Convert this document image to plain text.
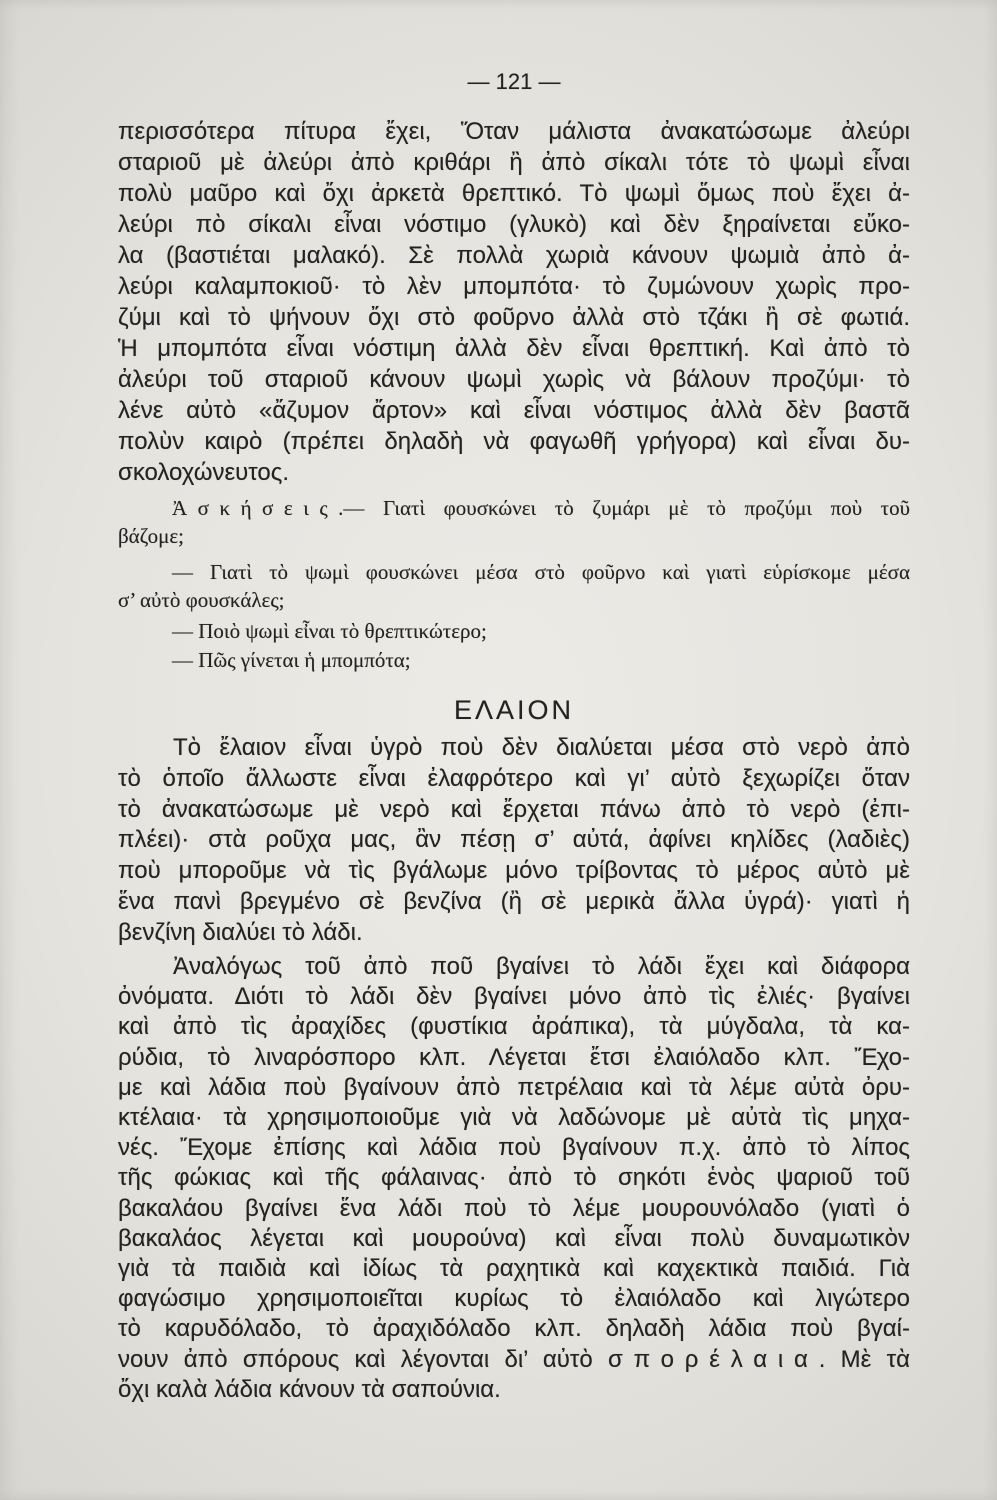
— 121 —
περισσότερα πίτυρα ἔχει, Ὅταν μάλιστα ἀνακατώσωμε ἀλεύρι
σταριοῦ μὲ ἀλεύρι ἀπὸ κριθάρι ἢ ἀπὸ σίκαλι τότε τὸ ψωμὶ εἶναι
πολὺ μαῦρο καὶ ὄχι ἀρκετὰ θρεπτικό. Τὸ ψωμὶ ὅμως ποὺ ἔχει ἀ-
λεύρι πὸ σίκαλι εἶναι νόστιμο (γλυκὸ) καὶ δὲν ξηραίνεται εὔκο-
λα (βαστιέται μαλακό). Σὲ πολλὰ χωριὰ κάνουν ψωμιὰ ἀπὸ ἀ-
λεύρι καλαμποκιοῦ· τὸ λὲν μπομπότα· τὸ ζυμώνουν χωρὶς προ-
ζύμι καὶ τὸ ψήνουν ὄχι στὸ φοῦρνο ἀλλὰ στὸ τζάκι ἢ σὲ φωτιά.
Ἡ μπομπότα εἶναι νόστιμη ἀλλὰ δὲν εἶναι θρεπτική. Καὶ ἀπὸ τὸ
ἀλεύρι τοῦ σταριοῦ κάνουν ψωμὶ χωρὶς νὰ βάλουν προζύμι· τὸ
λένε αὐτὸ «ἄζυμον ἄρτον» καὶ εἶναι νόστιμος ἀλλὰ δὲν βαστᾶ
πολὺν καιρὸ (πρέπει δηλαδὴ νὰ φαγωθῆ γρήγορα) καὶ εἶναι δυ-
σκολοχώνευτος.
Ἀσκήσεις.— Γιατὶ φουσκώνει τὸ ζυμάρι μὲ τὸ προζύμι ποὺ τοῦ
βάζομε;
— Γιατὶ τὸ ψωμὶ φουσκώνει μέσα στὸ φοῦρνο καὶ γιατὶ εὑρίσκομε μέσα
σ’ αὐτὸ φουσκάλες;
— Ποιὸ ψωμὶ εἶναι τὸ θρεπτικώτερο;
— Πῶς γίνεται ἡ μπομπότα;
ΕΛΑΙΟΝ
Τὸ ἔλαιον εἶναι ὑγρὸ ποὺ δὲν διαλύεται μέσα στὸ νερὸ ἀπὸ
τὸ ὁποῖο ἄλλωστε εἶναι ἐλαφρότερο καὶ γι’ αὐτὸ ξεχωρίζει ὅταν
τὸ ἀνακατώσωμε μὲ νερὸ καὶ ἔρχεται πάνω ἀπὸ τὸ νερὸ (ἐπι-
πλέει)· στὰ ροῦχα μας, ἂν πέσῃ σ’ αὐτά, ἀφίνει κηλίδες (λαδιὲς)
ποὺ μποροῦμε νὰ τὶς βγάλωμε μόνο τρίβοντας τὸ μέρος αὐτὸ μὲ
ἕνα πανὶ βρεγμένο σὲ βενζίνα (ἢ σὲ μερικὰ ἄλλα ὑγρά)· γιατὶ ἡ
βενζίνη διαλύει τὸ λάδι.
Ἀναλόγως τοῦ ἀπὸ ποῦ βγαίνει τὸ λάδι ἔχει καὶ διάφορα
ὀνόματα. Διότι τὸ λάδι δὲν βγαίνει μόνο ἀπὸ τὶς ἐλιές· βγαίνει
καὶ ἀπὸ τὶς ἀραχίδες (φυστίκια ἀράπικα), τὰ μύγδαλα, τὰ κα-
ρύδια, τὸ λιναρόσπορο κλπ. Λέγεται ἔτσι ἐλαιόλαδο κλπ. Ἔχο-
με καὶ λάδια ποὺ βγαίνουν ἀπὸ πετρέλαια καὶ τὰ λέμε αὐτὰ ὀρυ-
κτέλαια· τὰ χρησιμοποιοῦμε γιὰ νὰ λαδώνομε μὲ αὐτὰ τὶς μηχα-
νές. Ἔχομε ἐπίσης καὶ λάδια ποὺ βγαίνουν π.χ. ἀπὸ τὸ λίπος
τῆς φώκιας καὶ τῆς φάλαινας· ἀπὸ τὸ σηκότι ἑνὸς ψαριοῦ τοῦ
βακαλάου βγαίνει ἕνα λάδι ποὺ τὸ λέμε μουρουνόλαδο (γιατὶ ὁ
βακαλάος λέγεται καὶ μουρούνα) καὶ εἶναι πολὺ δυναμωτικὸν
γιὰ τὰ παιδιὰ καὶ ἰδίως τὰ ραχητικὰ καὶ καχεκτικὰ παιδιά. Γιὰ
φαγώσιμο χρησιμοποιεῖται κυρίως τὸ ἐλαιόλαδο καὶ λιγώτερο
τὸ καρυδόλαδο, τὸ ἀραχιδόλαδο κλπ. δηλαδὴ λάδια ποὺ βγαί-
νουν ἀπὸ σπόρους καὶ λέγονται δι’ αὐτὸ σπορέλαια. Μὲ τὰ
ὄχι καλὰ λάδια κάνουν τὰ σαπούνια.
